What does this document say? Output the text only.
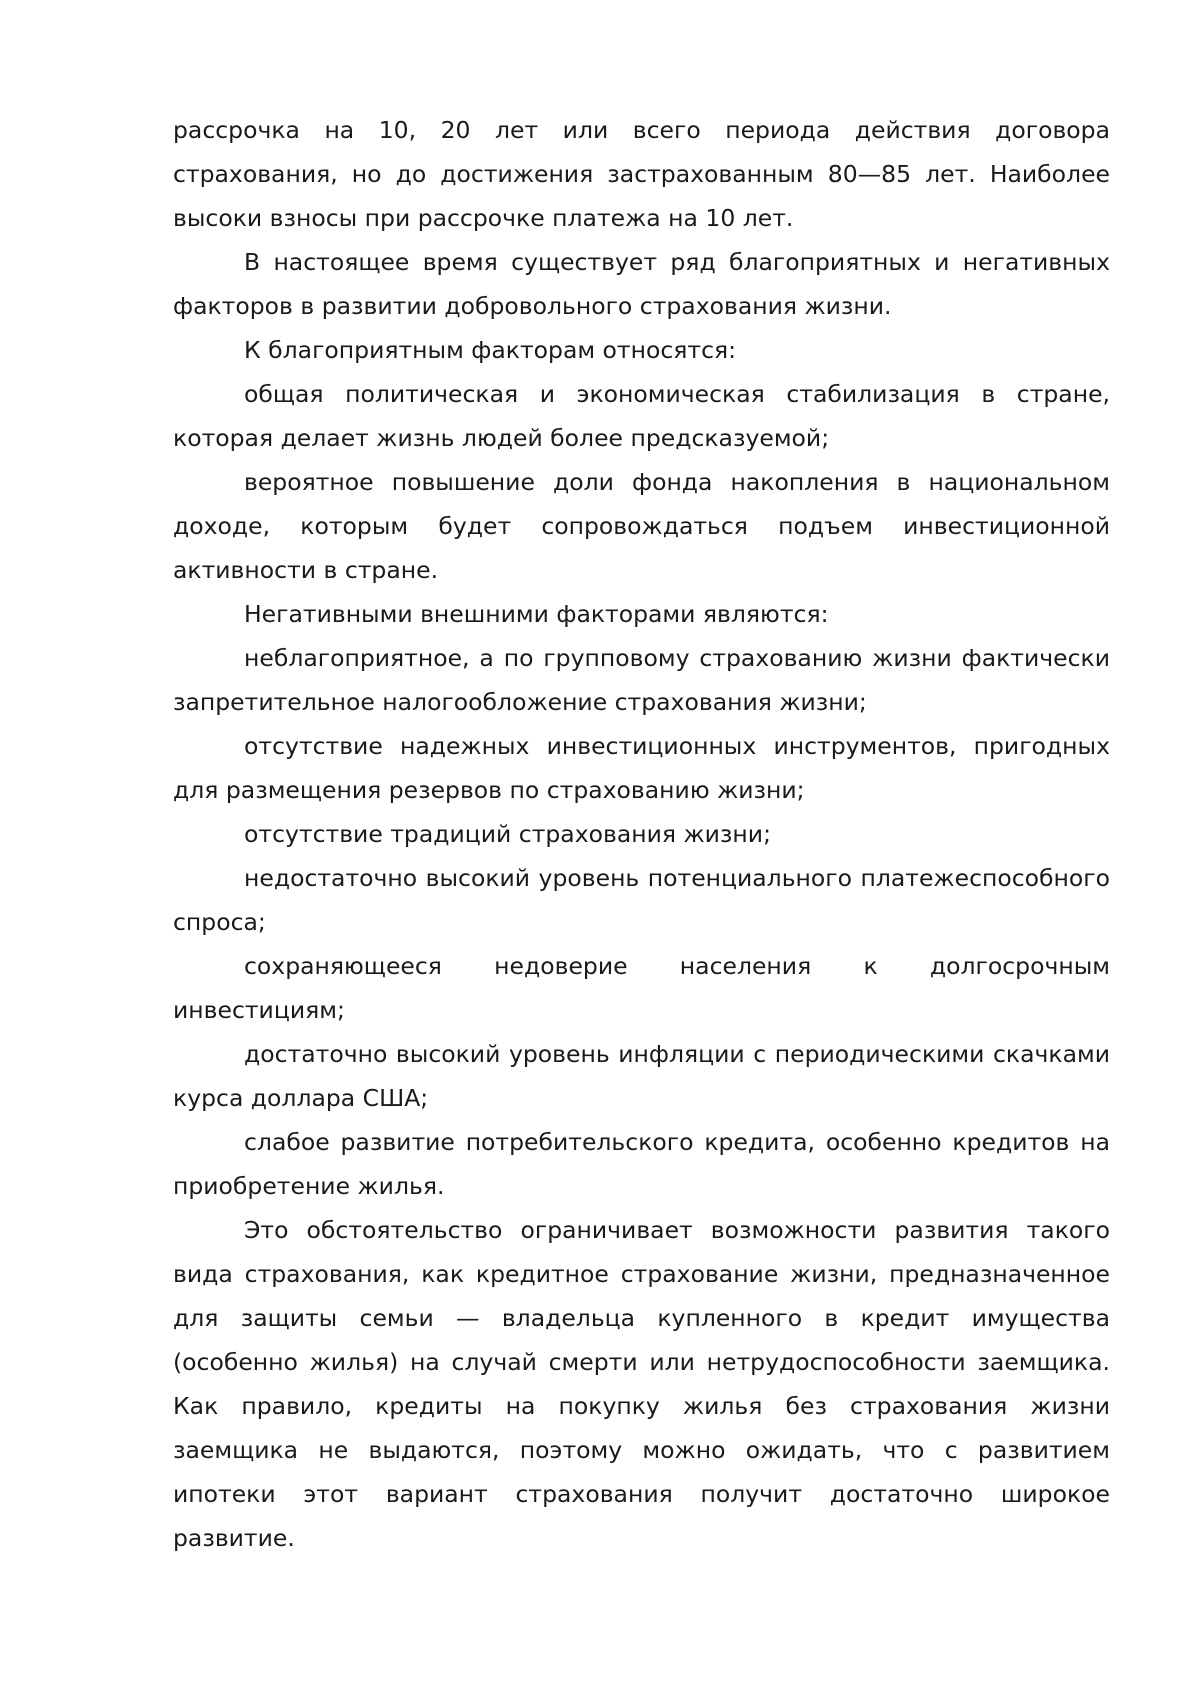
рассрочка на 10, 20 лет или всего периода действия договора страхования, но до достижения застрахованным 80—85 лет. Наиболее высоки взносы при рассрочке платежа на 10 лет.

В настоящее время существует ряд благоприятных и негативных факторов в развитии добровольного страхования жизни.

К благоприятным факторам относятся:

общая политическая и экономическая стабилизация в стране, которая делает жизнь людей более предсказуемой;

вероятное повышение доли фонда накопления в национальном доходе, которым будет сопровождаться подъем инвестиционной активности в стране.

Негативными внешними факторами являются:

неблагоприятное, а по групповому страхованию жизни фактически запретительное налогообложение страхования жизни;

отсутствие надежных инвестиционных инструментов, пригодных для размещения резервов по страхованию жизни;

отсутствие традиций страхования жизни;

недостаточно высокий уровень потенциального платежеспособного спроса;

сохраняющееся недоверие населения к долгосрочным инвестициям;

достаточно высокий уровень инфляции с периодическими скачками курса доллара США;

слабое развитие потребительского кредита, особенно кредитов на приобретение жилья.

Это обстоятельство ограничивает возможности развития такого вида страхования, как кредитное страхование жизни, предназначенное для защиты семьи — владельца купленного в кредит имущества (особенно жилья) на случай смерти или нетрудоспособности заемщика. Как правило, кредиты на покупку жилья без страхования жизни заемщика не выдаются, поэтому можно ожидать, что с развитием ипотеки этот вариант страхования получит достаточно широкое развитие.
